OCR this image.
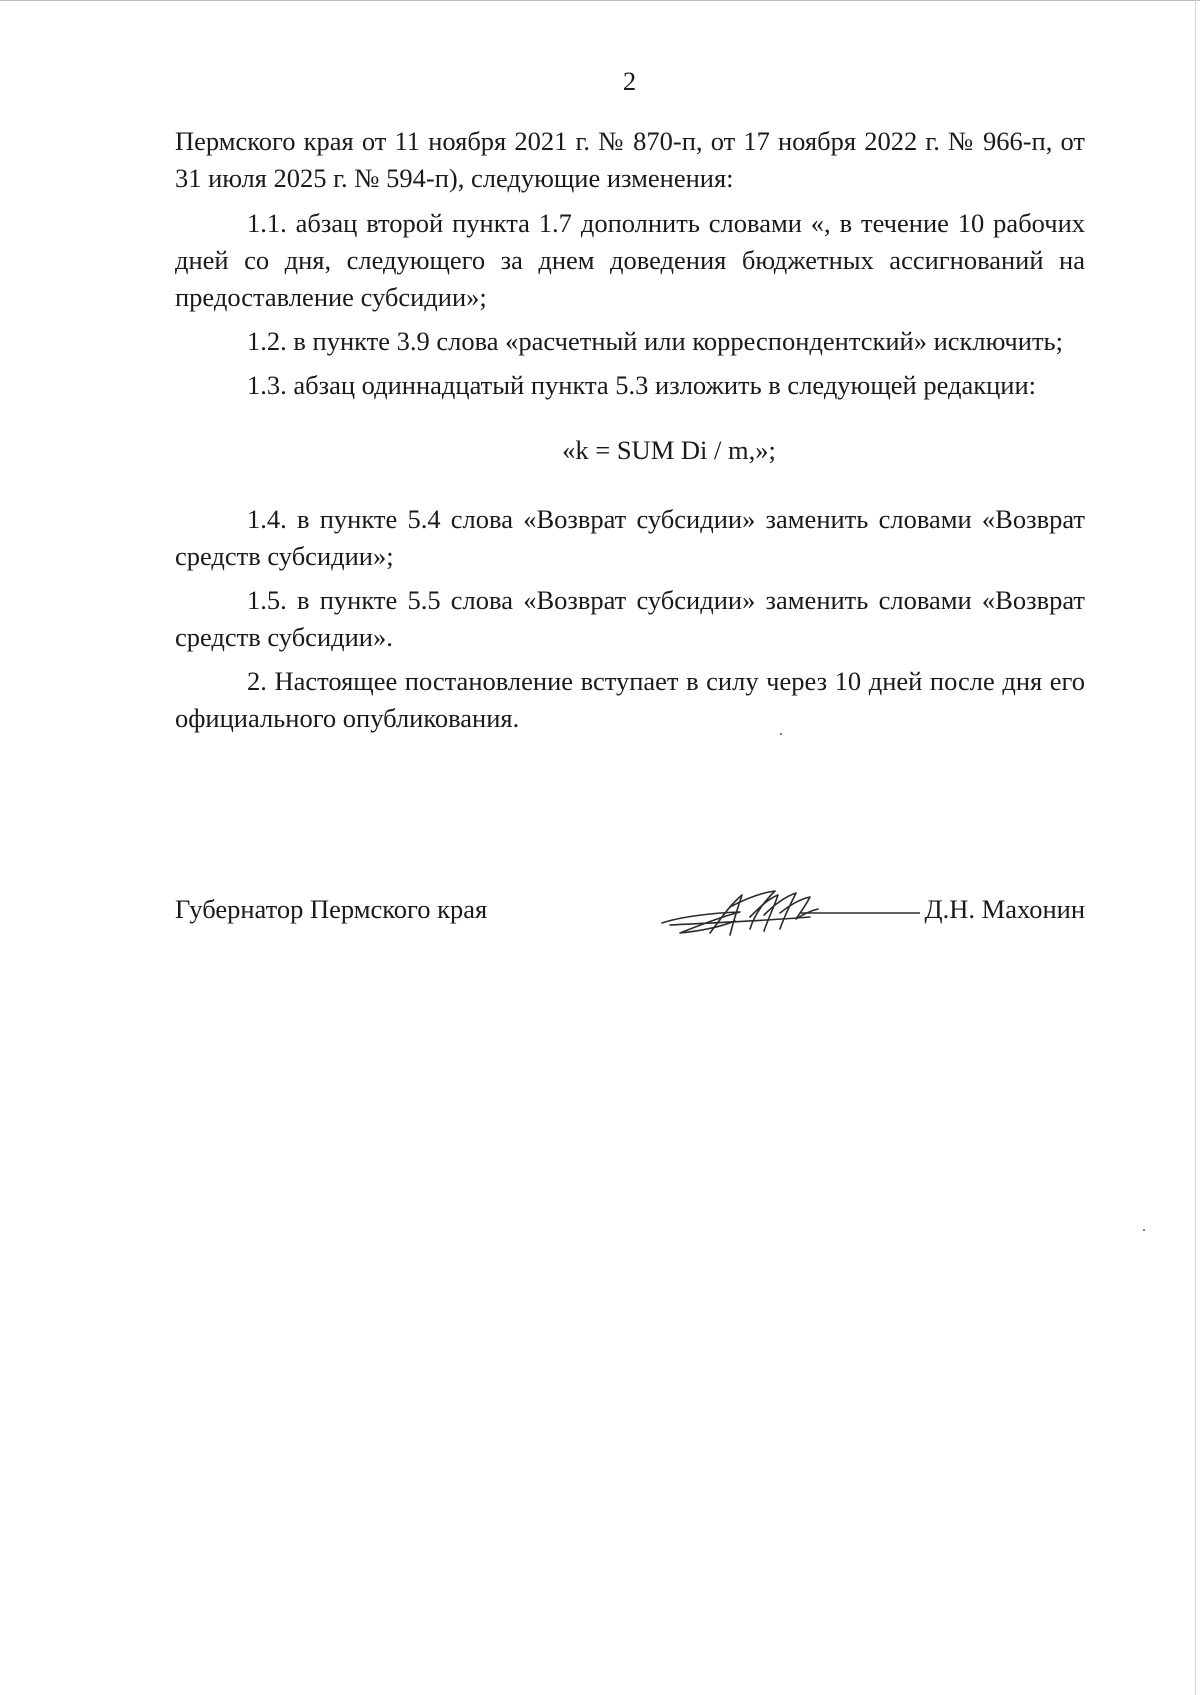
2

Пермского края от 11 ноября 2021 г. № 870-п, от 17 ноября 2022 г. № 966-п, от 31 июля 2025 г. № 594-п), следующие изменения:

1.1. абзац второй пункта 1.7 дополнить словами «, в течение 10 рабочих дней со дня, следующего за днем доведения бюджетных ассигнований на предоставление субсидии»;

1.2. в пункте 3.9 слова «расчетный или корреспондентский» исключить;

1.3. абзац одиннадцатый пункта 5.3 изложить в следующей редакции:

«k = SUM Di / m,»;

1.4. в пункте 5.4 слова «Возврат субсидии» заменить словами «Возврат средств субсидии»;

1.5. в пункте 5.5 слова «Возврат субсидии» заменить словами «Возврат средств субсидии».

2. Настоящее постановление вступает в силу через 10 дней после дня его официального опубликования.

Губернатор Пермского края	Д.Н. Махонин
